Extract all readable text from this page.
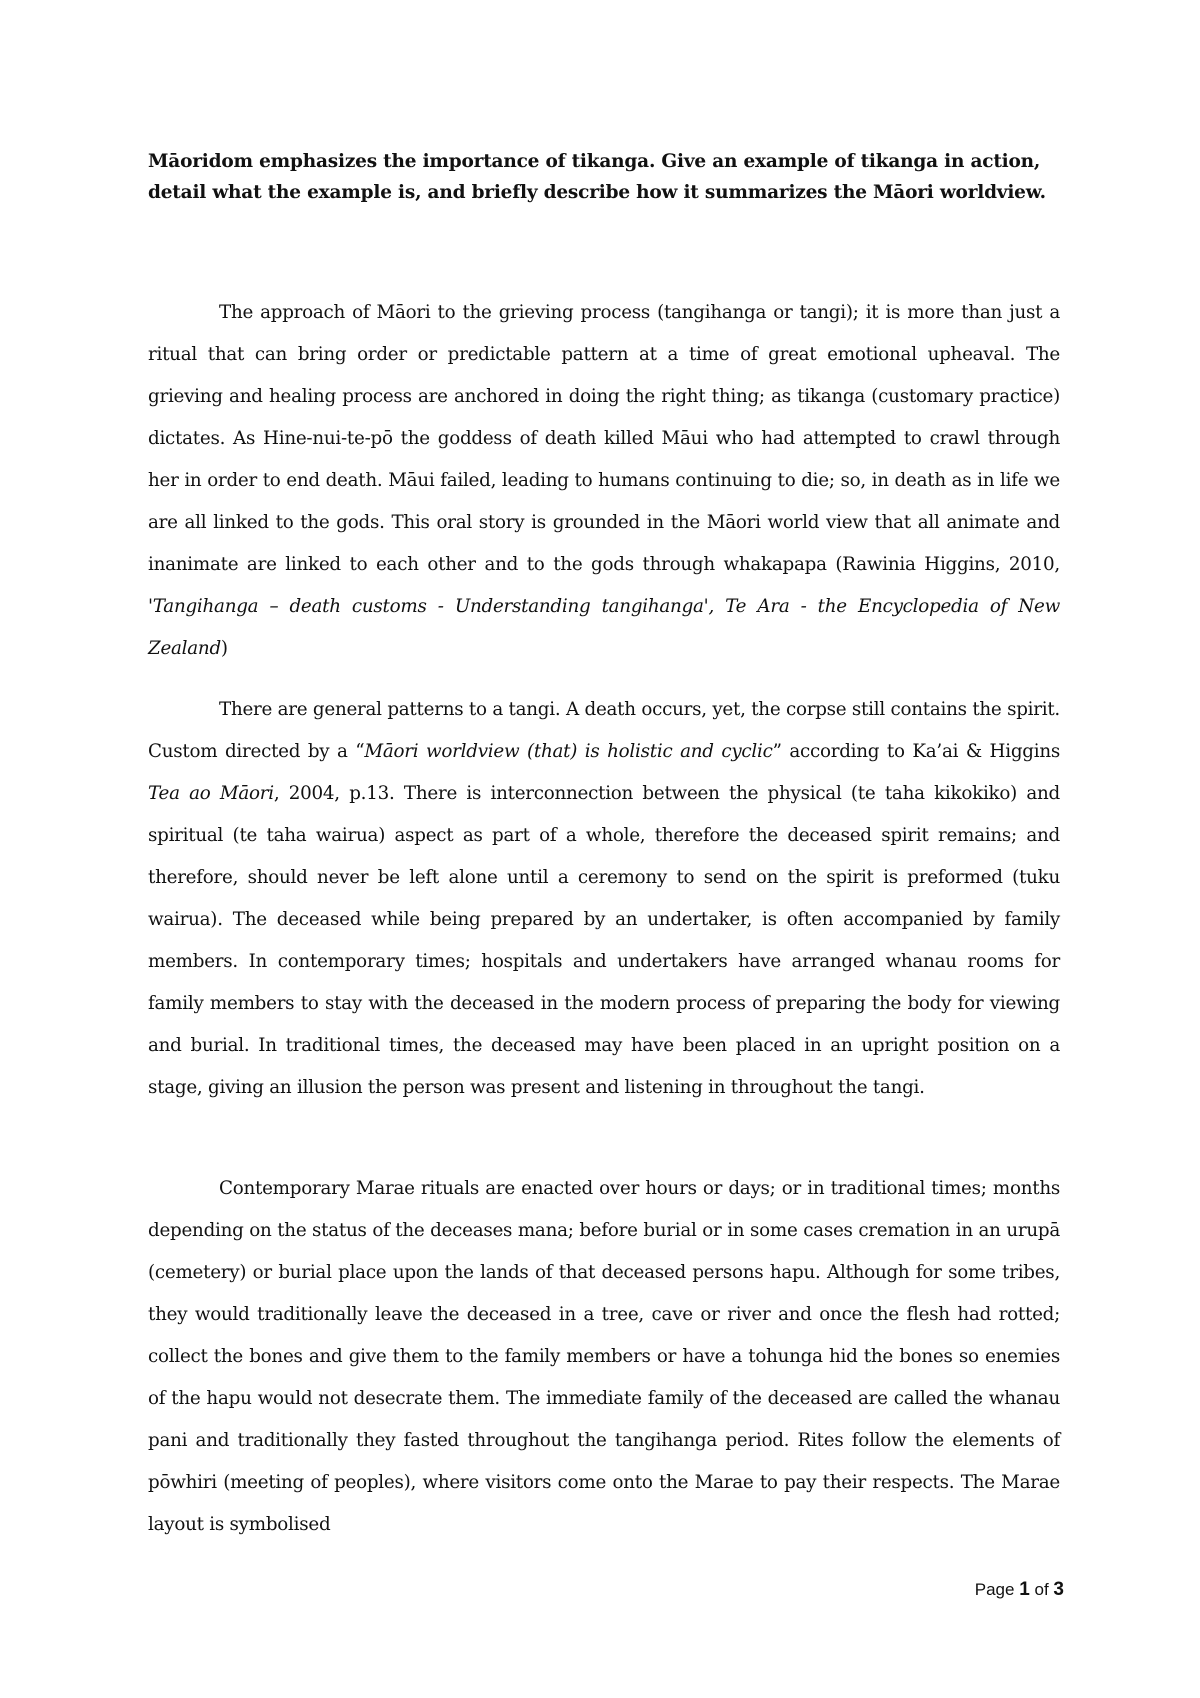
Māoridom emphasizes the importance of tikanga. Give an example of tikanga in action, detail what the example is, and briefly describe how it summarizes the Māori worldview.

The approach of Māori to the grieving process (tangihanga or tangi); it is more than just a ritual that can bring order or predictable pattern at a time of great emotional upheaval. The grieving and healing process are anchored in doing the right thing; as tikanga (customary practice) dictates. As Hine-nui-te-pō the goddess of death killed Māui who had attempted to crawl through her in order to end death. Māui failed, leading to humans continuing to die; so, in death as in life we are all linked to the gods. This oral story is grounded in the Māori world view that all animate and inanimate are linked to each other and to the gods through whakapapa (Rawinia Higgins, 2010, 'Tangihanga – death customs - Understanding tangihanga', Te Ara - the Encyclopedia of New Zealand)

There are general patterns to a tangi. A death occurs, yet, the corpse still contains the spirit. Custom directed by a “Māori worldview (that) is holistic and cyclic” according to Ka’ai & Higgins Tea ao Māori, 2004, p.13. There is interconnection between the physical (te taha kikokiko) and spiritual (te taha wairua) aspect as part of a whole, therefore the deceased spirit remains; and therefore, should never be left alone until a ceremony to send on the spirit is preformed (tuku wairua). The deceased while being prepared by an undertaker, is often accompanied by family members. In contemporary times; hospitals and undertakers have arranged whanau rooms for family members to stay with the deceased in the modern process of preparing the body for viewing and burial. In traditional times, the deceased may have been placed in an upright position on a stage, giving an illusion the person was present and listening in throughout the tangi.

Contemporary Marae rituals are enacted over hours or days; or in traditional times; months depending on the status of the deceases mana; before burial or in some cases cremation in an urupā (cemetery) or burial place upon the lands of that deceased persons hapu. Although for some tribes, they would traditionally leave the deceased in a tree, cave or river and once the flesh had rotted; collect the bones and give them to the family members or have a tohunga hid the bones so enemies of the hapu would not desecrate them. The immediate family of the deceased are called the whanau pani and traditionally they fasted throughout the tangihanga period. Rites follow the elements of pōwhiri (meeting of peoples), where visitors come onto the Marae to pay their respects. The Marae layout is symbolised

Page 1 of 3
